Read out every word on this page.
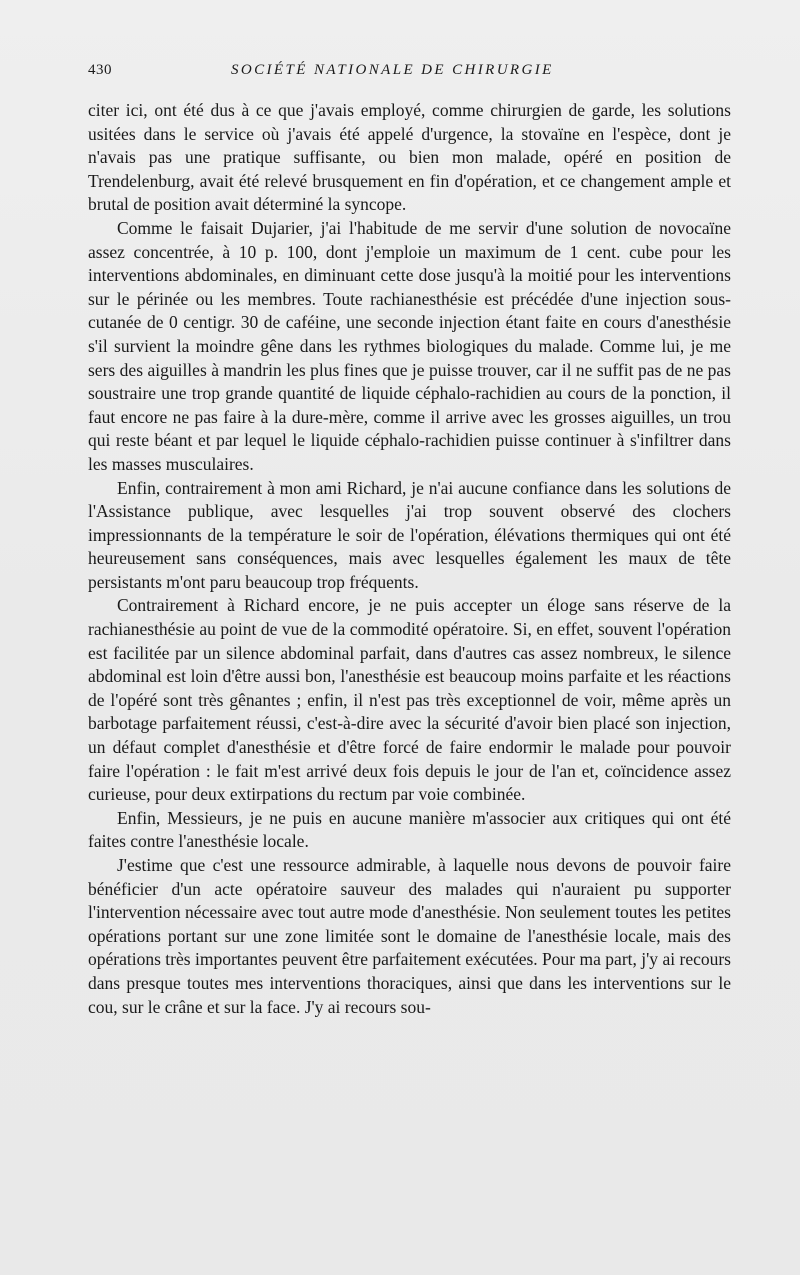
430	SOCIÉTÉ NATIONALE DE CHIRURGIE

citer ici, ont été dus à ce que j'avais employé, comme chirurgien de garde, les solutions usitées dans le service où j'avais été appelé d'urgence, la stovaïne en l'espèce, dont je n'avais pas une pratique suffisante, ou bien mon malade, opéré en position de Trendelenburg, avait été relevé brusquement en fin d'opération, et ce changement ample et brutal de position avait déterminé la syncope.

Comme le faisait Dujarier, j'ai l'habitude de me servir d'une solution de novocaïne assez concentrée, à 10 p. 100, dont j'emploie un maximum de 1 cent. cube pour les interventions abdominales, en diminuant cette dose jusqu'à la moitié pour les interventions sur le périnée ou les membres. Toute rachianesthésie est précédée d'une injection sous-cutanée de 0 centigr. 30 de caféine, une seconde injection étant faite en cours d'anesthésie s'il survient la moindre gêne dans les rythmes biologiques du malade. Comme lui, je me sers des aiguilles à mandrin les plus fines que je puisse trouver, car il ne suffit pas de ne pas soustraire une trop grande quantité de liquide céphalo-rachidien au cours de la ponction, il faut encore ne pas faire à la dure-mère, comme il arrive avec les grosses aiguilles, un trou qui reste béant et par lequel le liquide céphalo-rachidien puisse continuer à s'infiltrer dans les masses musculaires.

Enfin, contrairement à mon ami Richard, je n'ai aucune confiance dans les solutions de l'Assistance publique, avec lesquelles j'ai trop souvent observé des clochers impressionnants de la température le soir de l'opération, élévations thermiques qui ont été heureusement sans conséquences, mais avec lesquelles également les maux de tête persistants m'ont paru beaucoup trop fréquents.

Contrairement à Richard encore, je ne puis accepter un éloge sans réserve de la rachianesthésie au point de vue de la commodité opératoire. Si, en effet, souvent l'opération est facilitée par un silence abdominal parfait, dans d'autres cas assez nombreux, le silence abdominal est loin d'être aussi bon, l'anesthésie est beaucoup moins parfaite et les réactions de l'opéré sont très gênantes ; enfin, il n'est pas très exceptionnel de voir, même après un barbotage parfaitement réussi, c'est-à-dire avec la sécurité d'avoir bien placé son injection, un défaut complet d'anesthésie et d'être forcé de faire endormir le malade pour pouvoir faire l'opération : le fait m'est arrivé deux fois depuis le jour de l'an et, coïncidence assez curieuse, pour deux extirpations du rectum par voie combinée.

Enfin, Messieurs, je ne puis en aucune manière m'associer aux critiques qui ont été faites contre l'anesthésie locale.

J'estime que c'est une ressource admirable, à laquelle nous devons de pouvoir faire bénéficier d'un acte opératoire sauveur des malades qui n'auraient pu supporter l'intervention nécessaire avec tout autre mode d'anesthésie. Non seulement toutes les petites opérations portant sur une zone limitée sont le domaine de l'anesthésie locale, mais des opérations très importantes peuvent être parfaitement exécutées. Pour ma part, j'y ai recours dans presque toutes mes interventions thoraciques, ainsi que dans les interventions sur le cou, sur le crâne et sur la face. J'y ai recours sou-
